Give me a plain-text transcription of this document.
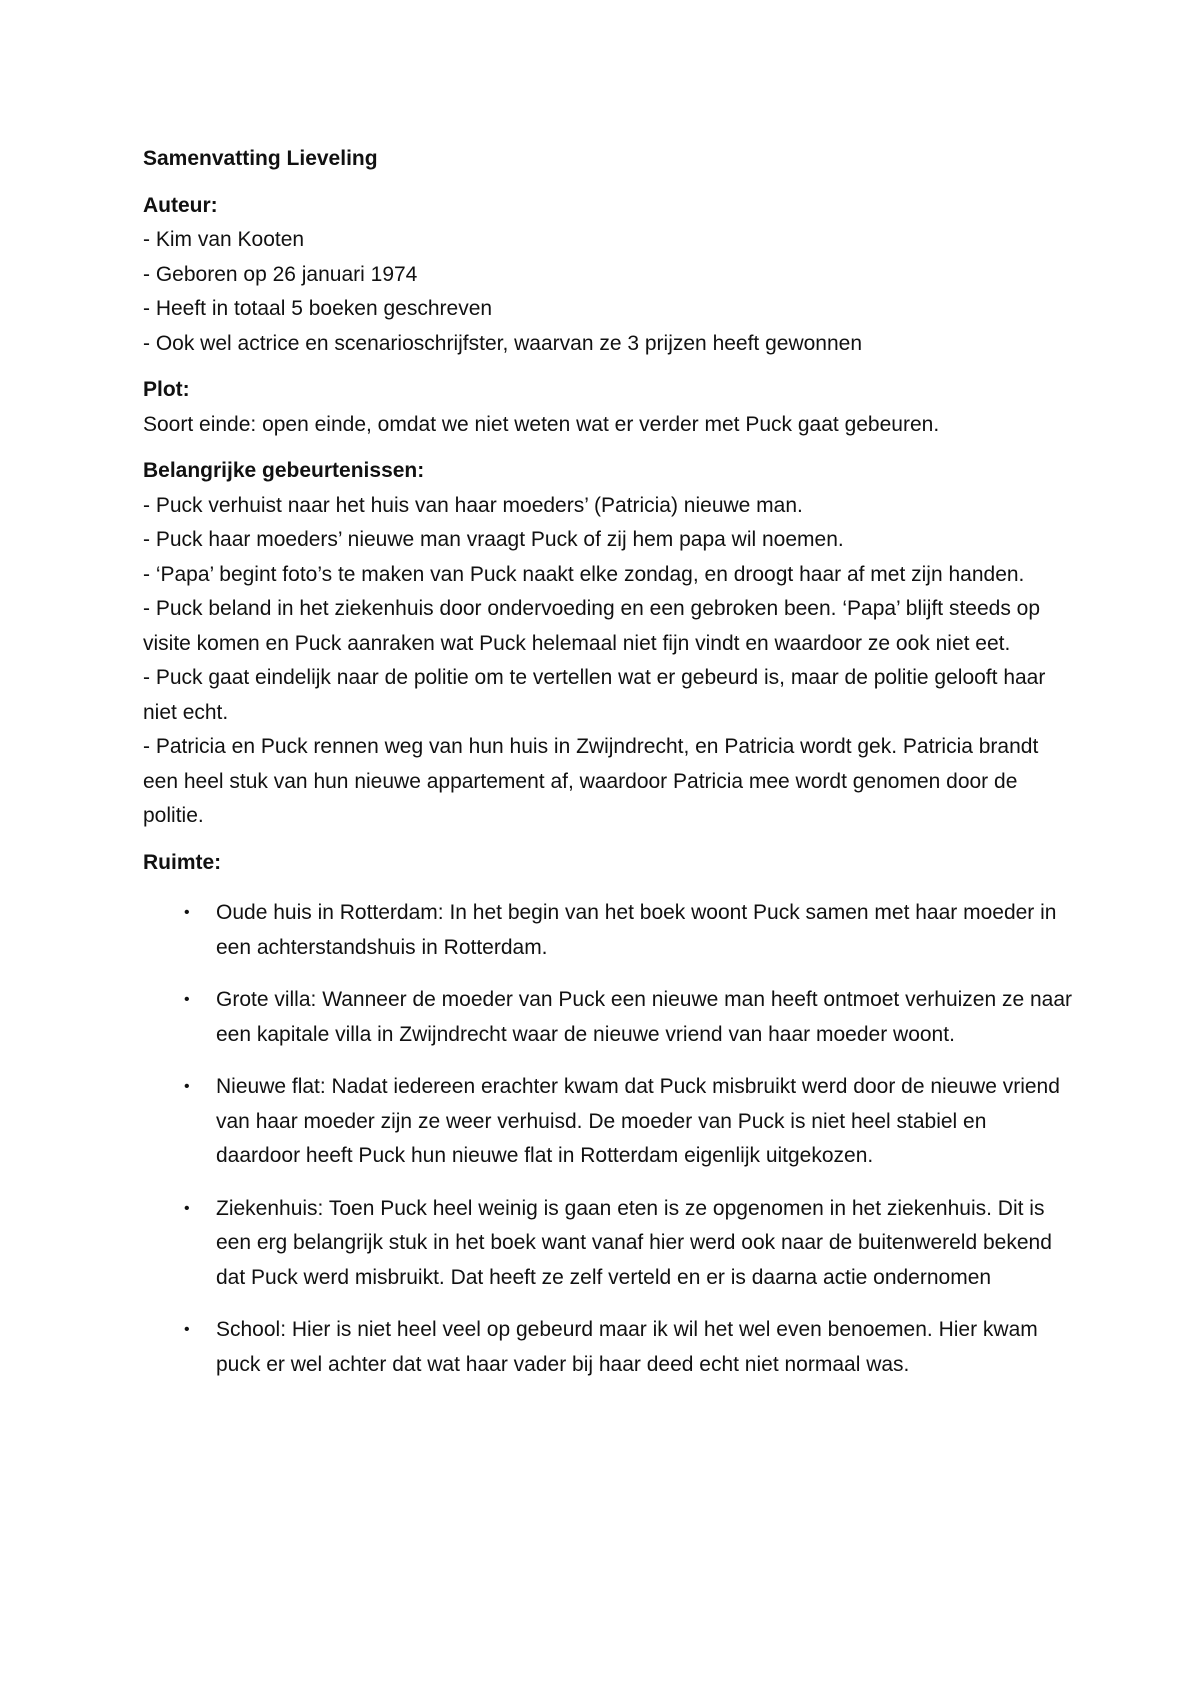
Samenvatting Lieveling

Auteur:

- Kim van Kooten

- Geboren op 26 januari 1974

- Heeft in totaal 5 boeken geschreven

- Ook wel actrice en scenarioschrijfster, waarvan ze 3 prijzen heeft gewonnen

Plot:

Soort einde: open einde, omdat we niet weten wat er verder met Puck gaat gebeuren.

Belangrijke gebeurtenissen:

- Puck verhuist naar het huis van haar moeders’ (Patricia) nieuwe man.

- Puck haar moeders’ nieuwe man vraagt Puck of zij hem papa wil noemen.

- ‘Papa’ begint foto’s te maken van Puck naakt elke zondag, en droogt haar af met zijn handen.

- Puck beland in het ziekenhuis door ondervoeding en een gebroken been. ‘Papa’ blijft steeds op visite komen en Puck aanraken wat Puck helemaal niet fijn vindt en waardoor ze ook niet eet.

- Puck gaat eindelijk naar de politie om te vertellen wat er gebeurd is, maar de politie gelooft haar niet echt.

- Patricia en Puck rennen weg van hun huis in Zwijndrecht, en Patricia wordt gek. Patricia brandt een heel stuk van hun nieuwe appartement af, waardoor Patricia mee wordt genomen door de politie.

Ruimte:

• Oude huis in Rotterdam: In het begin van het boek woont Puck samen met haar moeder in een achterstandshuis in Rotterdam.
• Grote villa: Wanneer de moeder van Puck een nieuwe man heeft ontmoet verhuizen ze naar een kapitale villa in Zwijndrecht waar de nieuwe vriend van haar moeder woont.
• Nieuwe flat: Nadat iedereen erachter kwam dat Puck misbruikt werd door de nieuwe vriend van haar moeder zijn ze weer verhuisd. De moeder van Puck is niet heel stabiel en daardoor heeft Puck hun nieuwe flat in Rotterdam eigenlijk uitgekozen.
• Ziekenhuis: Toen Puck heel weinig is gaan eten is ze opgenomen in het ziekenhuis. Dit is een erg belangrijk stuk in het boek want vanaf hier werd ook naar de buitenwereld bekend dat Puck werd misbruikt. Dat heeft ze zelf verteld en er is daarna actie ondernomen
• School: Hier is niet heel veel op gebeurd maar ik wil het wel even benoemen. Hier kwam puck er wel achter dat wat haar vader bij haar deed echt niet normaal was.
